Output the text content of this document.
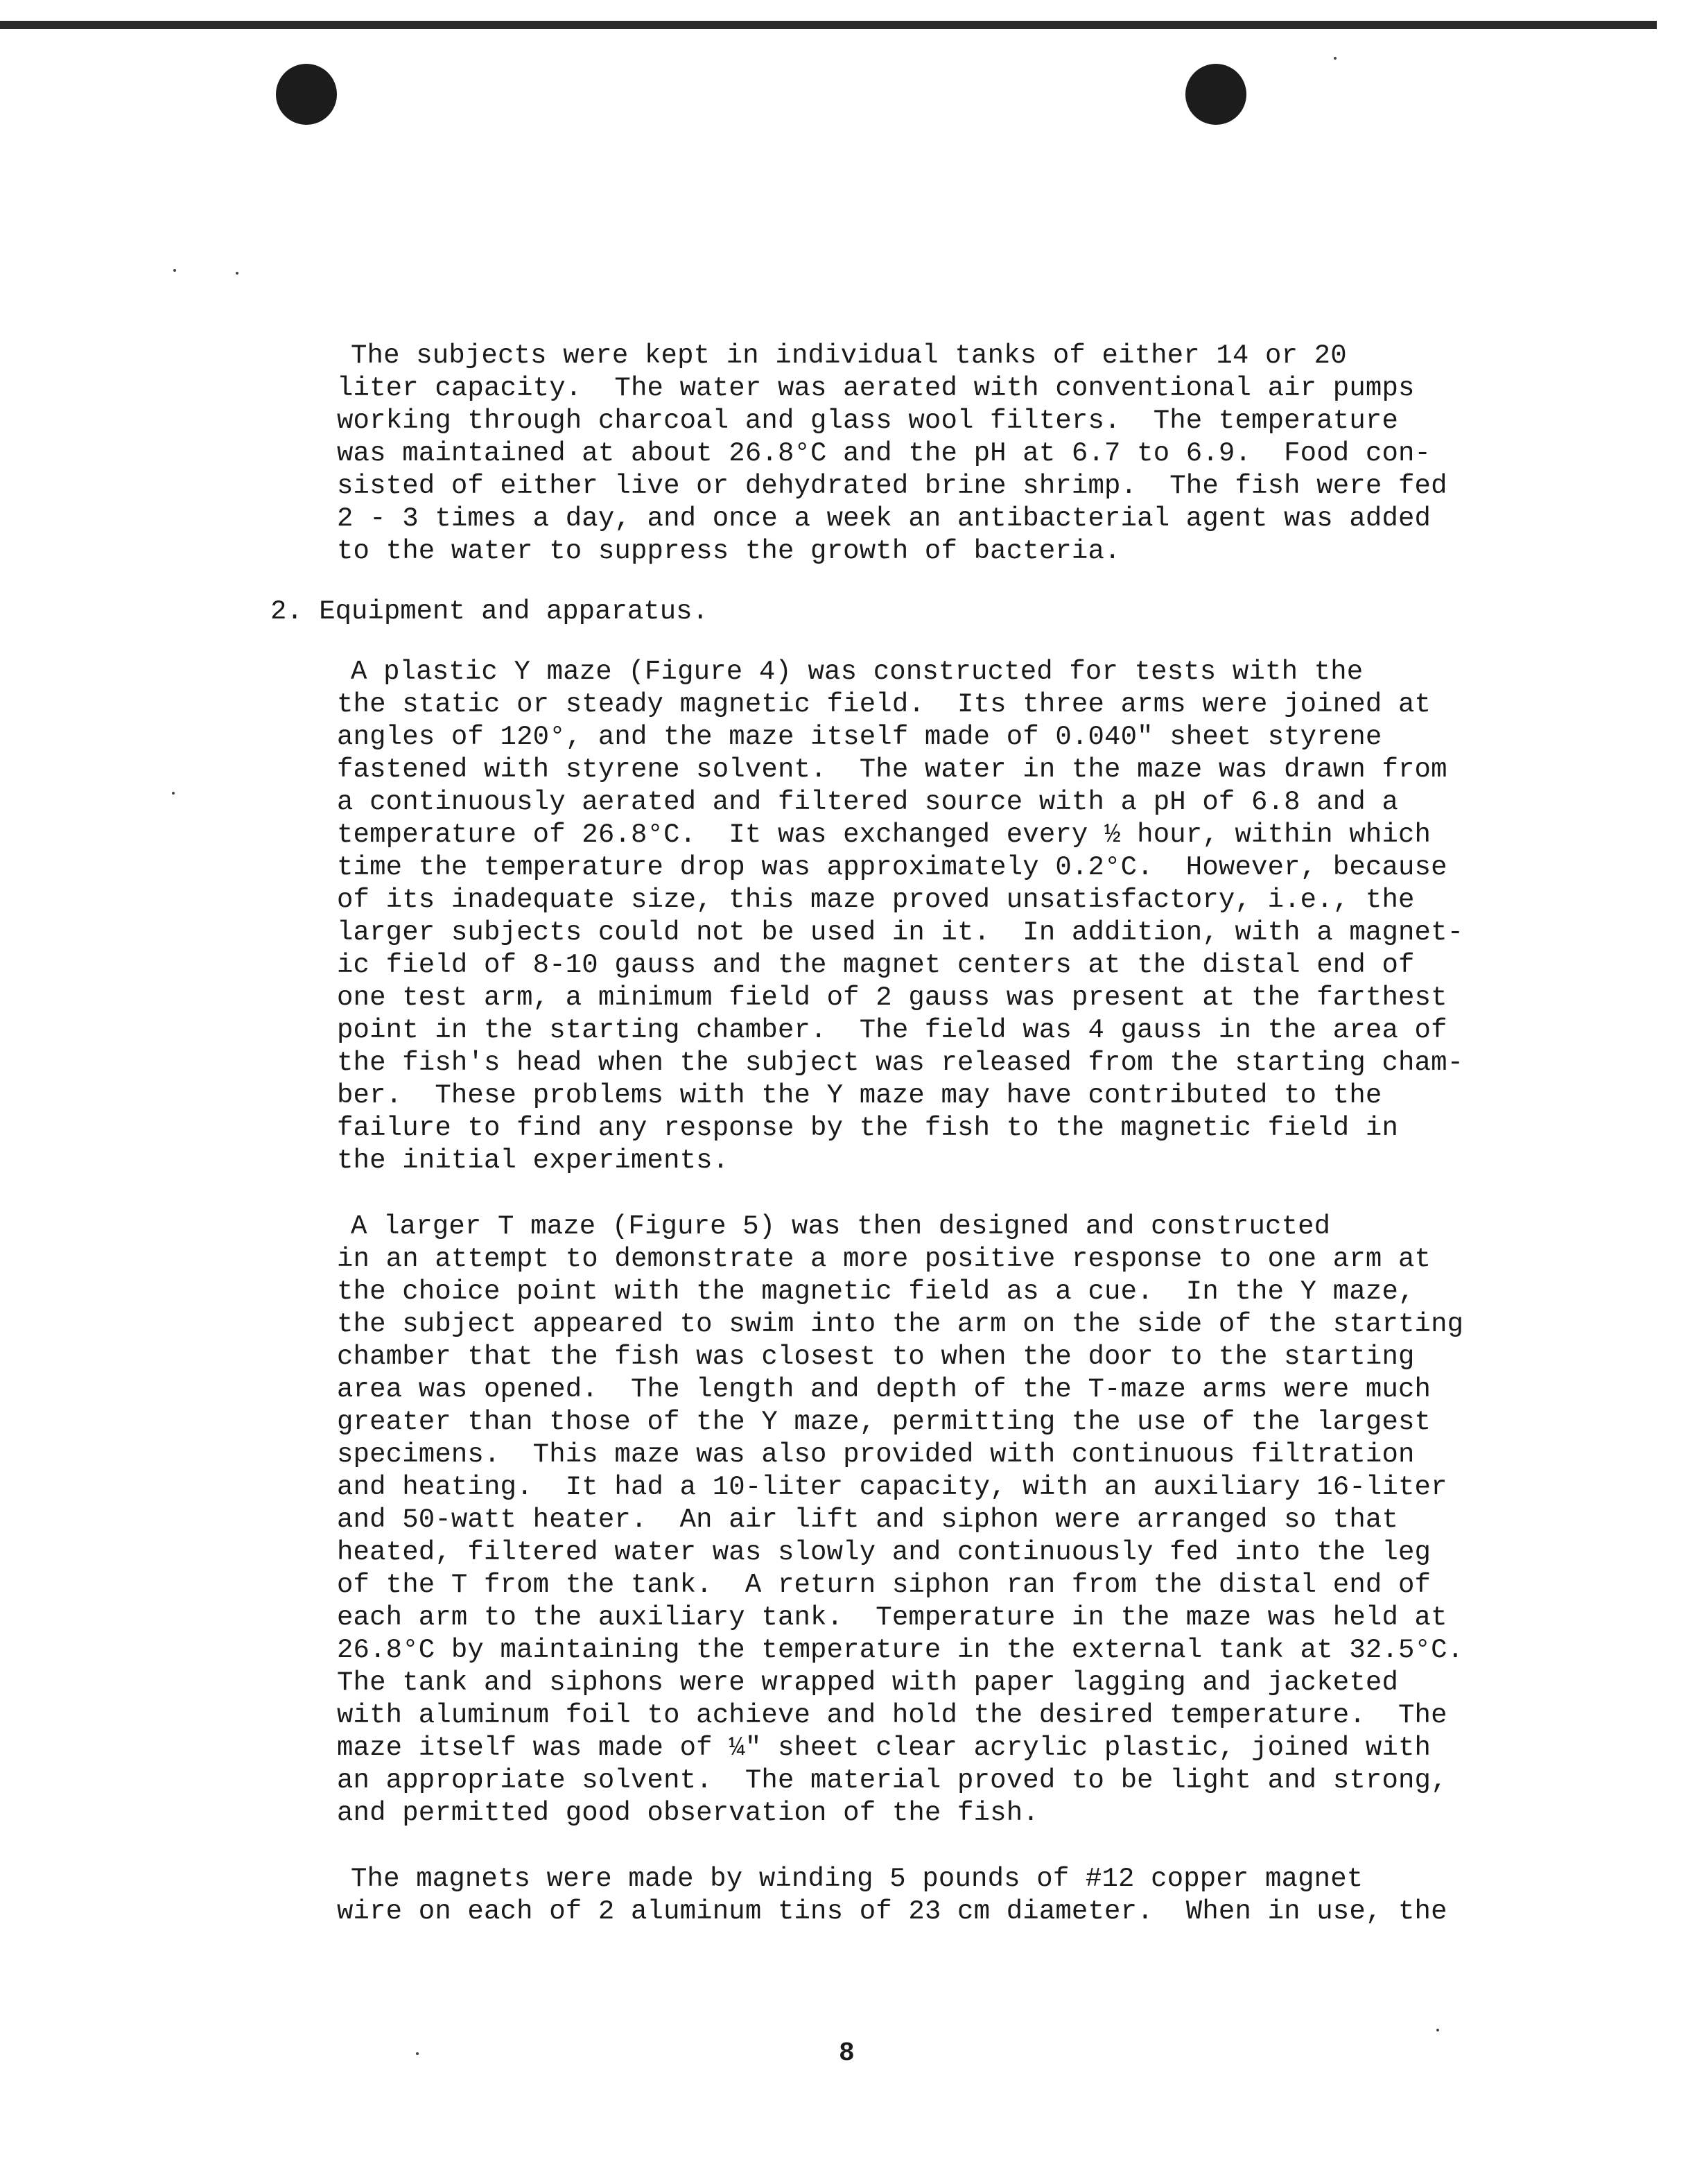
The subjects were kept in individual tanks of either 14 or 20
liter capacity.  The water was aerated with conventional air pumps
working through charcoal and glass wool filters.  The temperature
was maintained at about 26.8°C and the pH at 6.7 to 6.9.  Food con-
sisted of either live or dehydrated brine shrimp.  The fish were fed
2 - 3 times a day, and once a week an antibacterial agent was added
to the water to suppress the growth of bacteria.
2. Equipment and apparatus.
A plastic Y maze (Figure 4) was constructed for tests with the
the static or steady magnetic field.  Its three arms were joined at
angles of 120°, and the maze itself made of 0.040" sheet styrene
fastened with styrene solvent.  The water in the maze was drawn from
a continuously aerated and filtered source with a pH of 6.8 and a
temperature of 26.8°C.  It was exchanged every ½ hour, within which
time the temperature drop was approximately 0.2°C.  However, because
of its inadequate size, this maze proved unsatisfactory, i.e., the
larger subjects could not be used in it.  In addition, with a magnet-
ic field of 8-10 gauss and the magnet centers at the distal end of
one test arm, a minimum field of 2 gauss was present at the farthest
point in the starting chamber.  The field was 4 gauss in the area of
the fish's head when the subject was released from the starting cham-
ber.  These problems with the Y maze may have contributed to the
failure to find any response by the fish to the magnetic field in
the initial experiments.
A larger T maze (Figure 5) was then designed and constructed
in an attempt to demonstrate a more positive response to one arm at
the choice point with the magnetic field as a cue.  In the Y maze,
the subject appeared to swim into the arm on the side of the starting
chamber that the fish was closest to when the door to the starting
area was opened.  The length and depth of the T-maze arms were much
greater than those of the Y maze, permitting the use of the largest
specimens.  This maze was also provided with continuous filtration
and heating.  It had a 10-liter capacity, with an auxiliary 16-liter
and 50-watt heater.  An air lift and siphon were arranged so that
heated, filtered water was slowly and continuously fed into the leg
of the T from the tank.  A return siphon ran from the distal end of
each arm to the auxiliary tank.  Temperature in the maze was held at
26.8°C by maintaining the temperature in the external tank at 32.5°C.
The tank and siphons were wrapped with paper lagging and jacketed
with aluminum foil to achieve and hold the desired temperature.  The
maze itself was made of ¼" sheet clear acrylic plastic, joined with
an appropriate solvent.  The material proved to be light and strong,
and permitted good observation of the fish.
The magnets were made by winding 5 pounds of #12 copper magnet
wire on each of 2 aluminum tins of 23 cm diameter.  When in use, the
8
